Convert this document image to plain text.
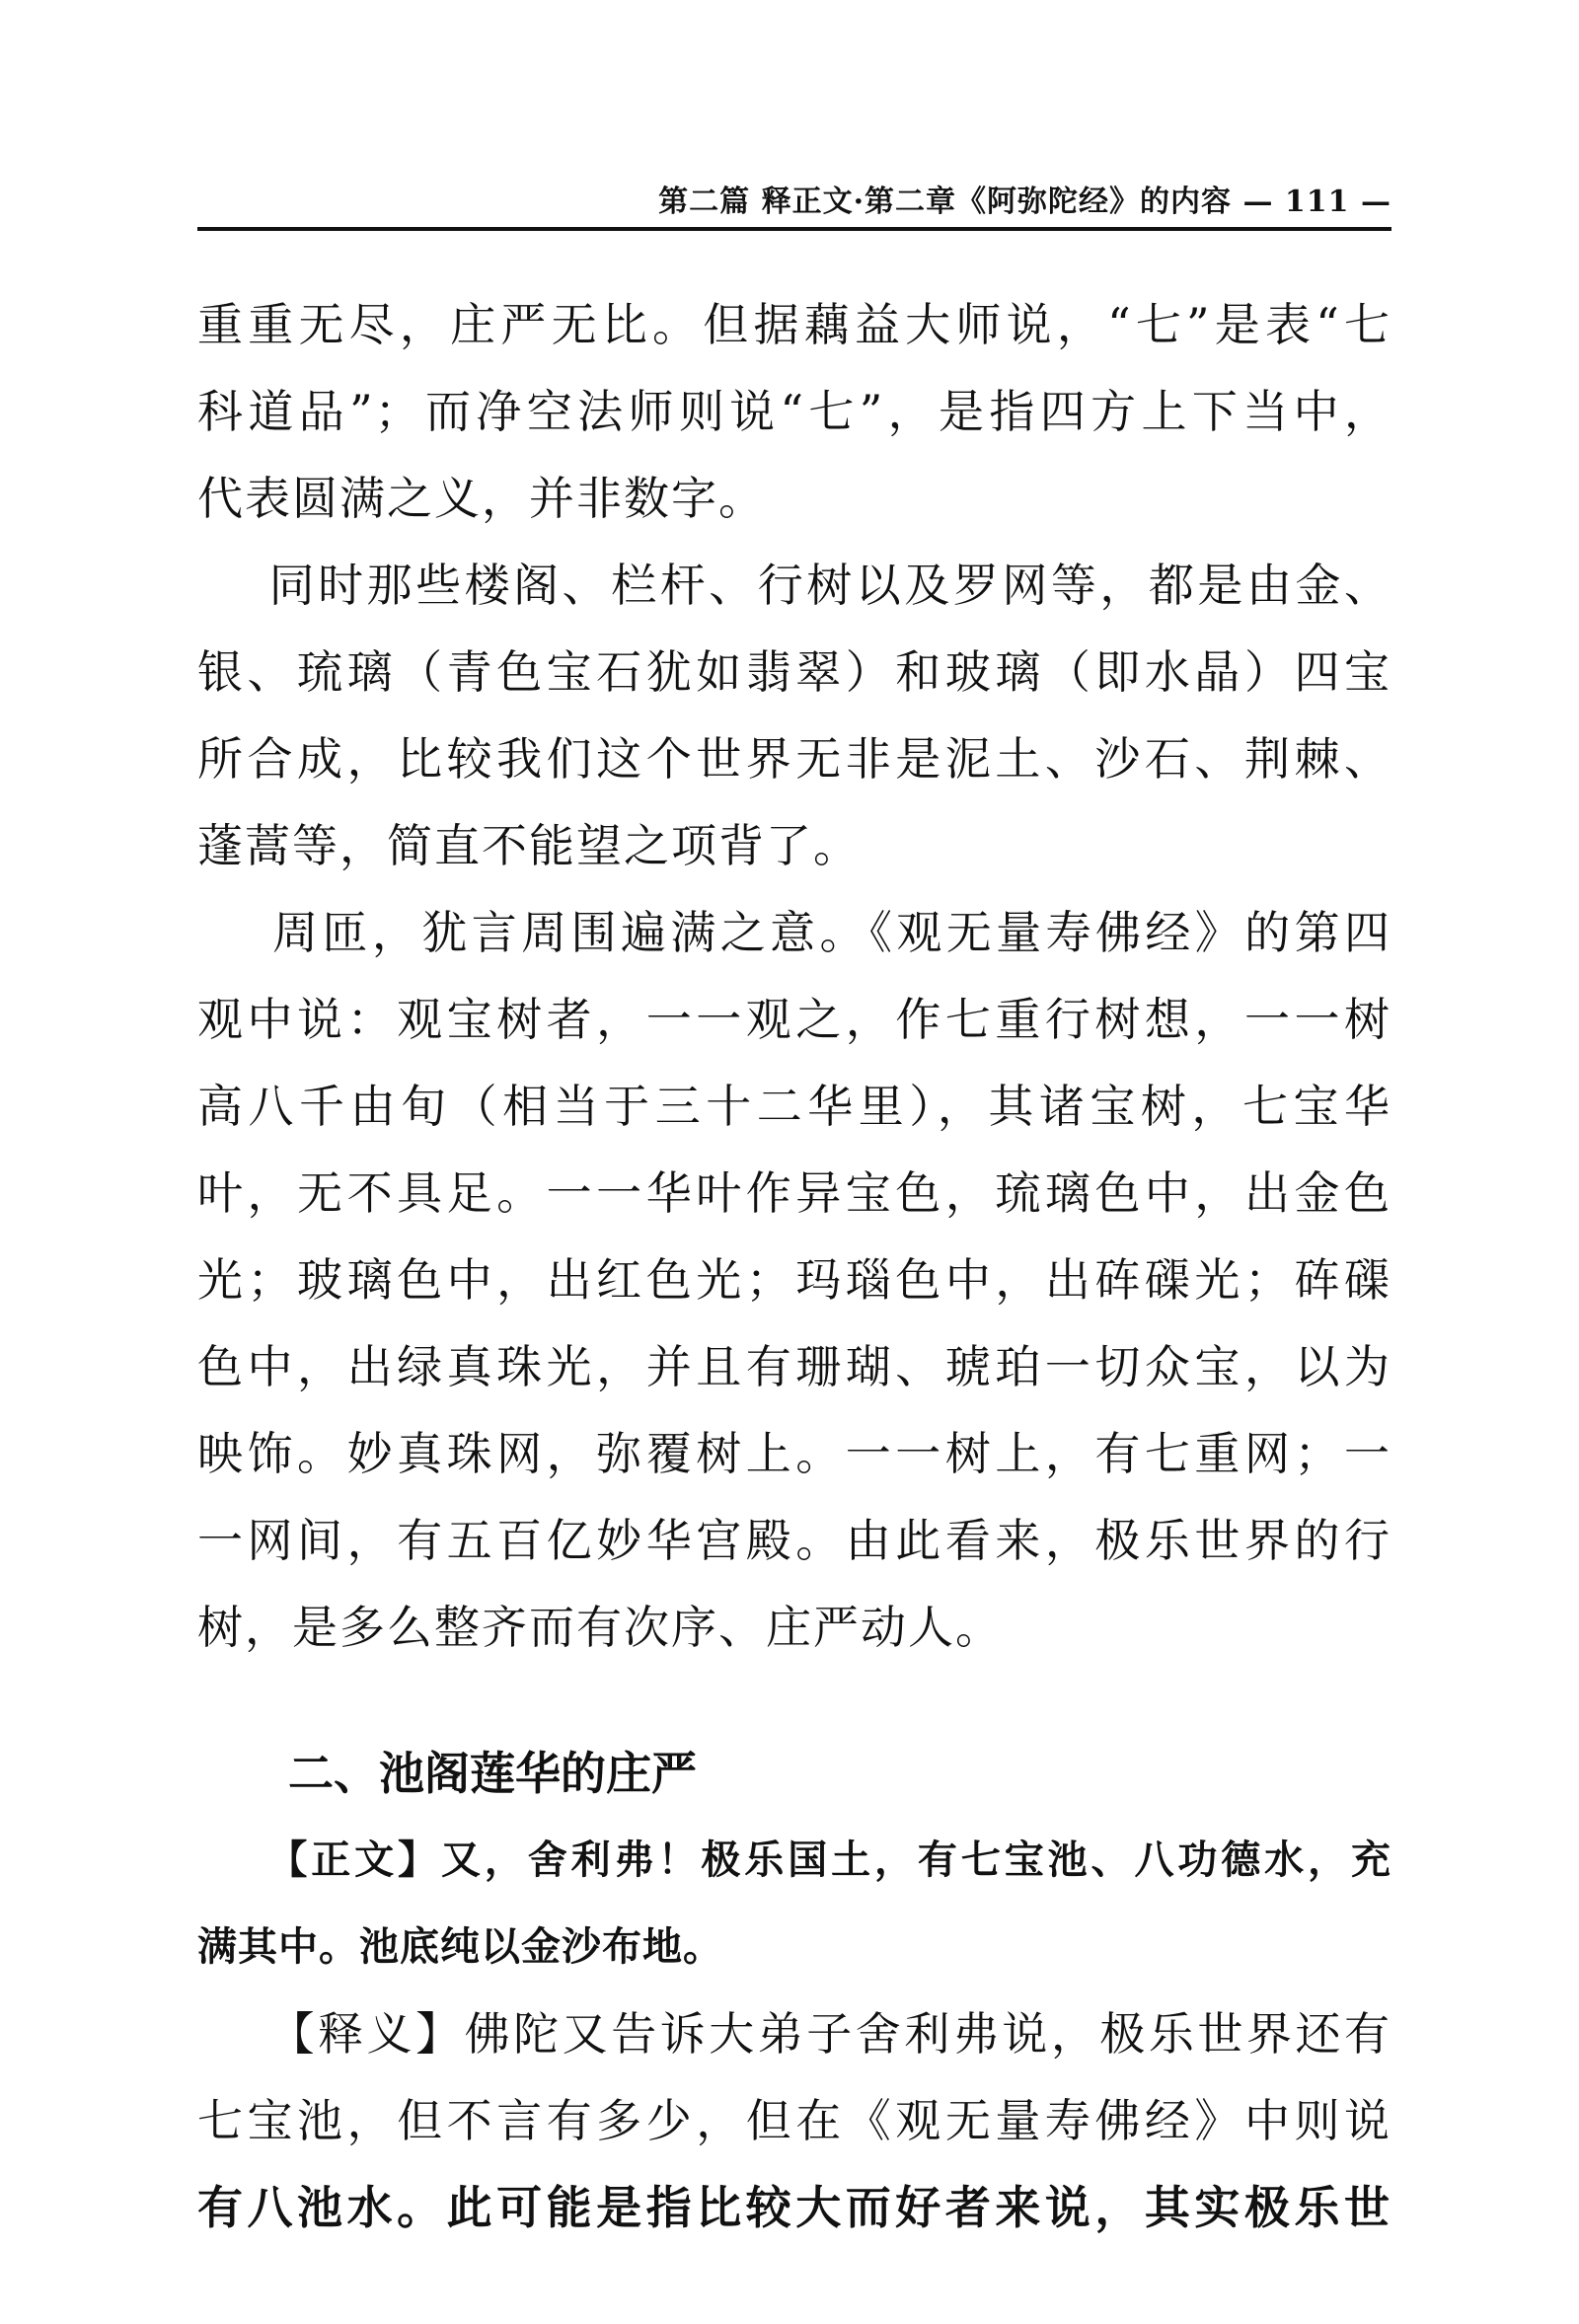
第二篇 释正文·第二章《阿弥陀经》的内容 — 111 —
重重无尽，庄严无比。但据藕益大师说，“七”是表“七
科道品”；而净空法师则说“七”，是指四方上下当中，
代表圆满之义，并非数字。
同时那些楼阁、栏杆、行树以及罗网等，都是由金、
银、琉璃（青色宝石犹如翡翠）和玻璃（即水晶）四宝
所合成，比较我们这个世界无非是泥土、沙石、荆棘、
蓬蒿等，简直不能望之项背了。
周匝，犹言周围遍满之意。《观无量寿佛经》的第四
观中说：观宝树者，一一观之，作七重行树想，一一树
高八千由旬（相当于三十二华里），其诸宝树，七宝华
叶，无不具足。一一华叶作异宝色，琉璃色中，出金色
光；玻璃色中，出红色光；玛瑙色中，出砗磲光；砗磲
色中，出绿真珠光，并且有珊瑚、琥珀一切众宝，以为
映饰。妙真珠网，弥覆树上。一一树上，有七重网；一
一网间，有五百亿妙华宫殿。由此看来，极乐世界的行
树，是多么整齐而有次序、庄严动人。
二、池阁莲华的庄严
【正文】又，舍利弗！极乐国土，有七宝池、八功德水，充
满其中。池底纯以金沙布地。
【释义】佛陀又告诉大弟子舍利弗说，极乐世界还有
七宝池，但不言有多少，但在《观无量寿佛经》中则说
有八池水。此可能是指比较大而好者来说，其实极乐世
